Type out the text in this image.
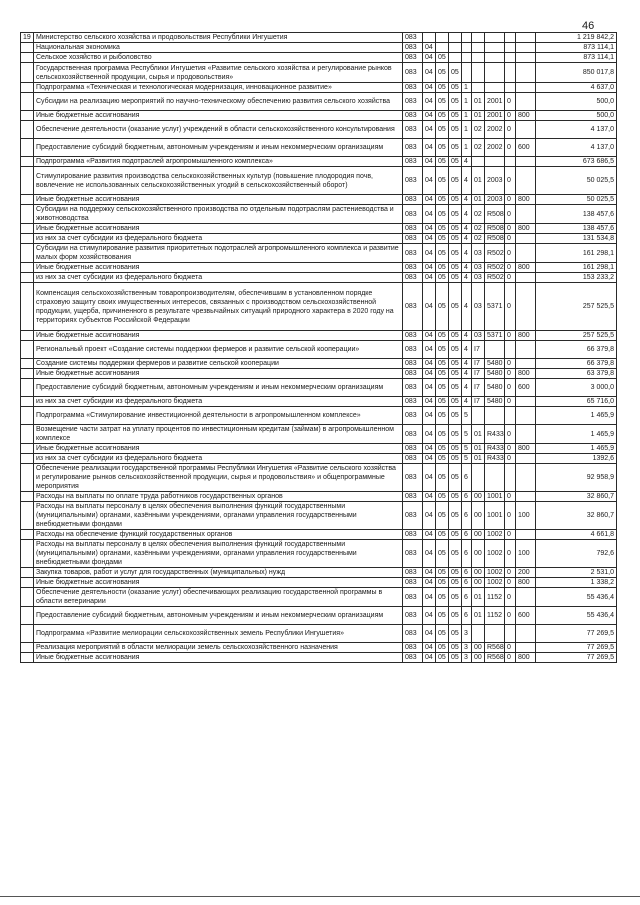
46
19	Министерство сельского хозяйства и продовольствия Республики Ингушетия	083									1 219 842,2
	Национальная экономика	083	04								873 114,1
	Сельское хозяйство и рыболовство	083	04	05							873 114,1
	Государственная программа Республики Ингушетия «Развитие сельского хозяйства и регулирование рынков сельскохозяйственной продукции, сырья и продовольствия»	083	04	05	05						850 017,8
	Подпрограмма «Техническая и технологическая модернизация, инновационное развитие»	083	04	05	05	1					4 637,0
	Субсидии на реализацию мероприятий по научно-техническому обеспечению развития сельского хозяйства	083	04	05	05	1	01	2001	0		500,0
	Иные бюджетные ассигнования	083	04	05	05	1	01	2001	0	800	500,0
	Обеспечение деятельности (оказание услуг) учреждений в области сельскохозяйственного консультирования	083	04	05	05	1	02	2002	0		4 137,0
	Предоставление субсидий бюджетным, автономным учреждениям и иным некоммерческим организациям	083	04	05	05	1	02	2002	0	600	4 137,0
	Подпрограмма «Развития подотраслей агропромышленного комплекса»	083	04	05	05	4					673 686,5
	Стимулирование развития производства сельскохозяйственных культур (повышение плодородия почв, вовлечение не использованных сельскохозяйственных угодий в сельскохозяйственный оборот)	083	04	05	05	4	01	2003	0		50 025,5
	Иные бюджетные ассигнования	083	04	05	05	4	01	2003	0	800	50 025,5
	Субсидии на поддержку сельскохозяйственного производства по отдельным подотраслям растениеводства и животноводства	083	04	05	05	4	02	R508	0		138 457,6
	Иные бюджетные ассигнования	083	04	05	05	4	02	R508	0	800	138 457,6
	из них за счет субсидии из федерального бюджета	083	04	05	05	4	02	R508	0		131 534,8
	Субсидии на стимулирование развития приоритетных подотраслей агропромышленного комплекса и развитие малых форм хозяйствования	083	04	05	05	4	03	R502	0		161 298,1
	Иные бюджетные ассигнования	083	04	05	05	4	03	R502	0	800	161 298,1
	из них за счет субсидии из федерального бюджета	083	04	05	05	4	03	R502	0		153 233,2
	Компенсация сельскохозяйственным товаропроизводителям, обеспечившим в установленном порядке страховую защиту своих имущественных интересов, связанных с производством сельскохозяйственной продукции, ущерба, причиненного в результате чрезвычайных ситуаций природного характера в 2020 году на территориях субъектов Российской Федерации	083	04	05	05	4	03	5371	0		257 525,5
	Иные бюджетные ассигнования	083	04	05	05	4	03	5371	0	800	257 525,5
	Региональный проект «Создание системы поддержки фермеров и развитие сельской кооперации»	083	04	05	05	4	I7				66 379,8
	Создание системы поддержки фермеров и развитие сельской кооперации	083	04	05	05	4	I7	5480	0		66 379,8
	Иные бюджетные ассигнования	083	04	05	05	4	I7	5480	0	800	63 379,8
	Предоставление субсидий бюджетным, автономным учреждениям и иным некоммерческим организациям	083	04	05	05	4	I7	5480	0	600	3 000,0
	из них за счет субсидии из федерального бюджета	083	04	05	05	4	I7	5480	0		65 716,0
	Подпрограмма «Стимулирование инвестиционной деятельности в агропромышленном комплексе»	083	04	05	05	5					1 465,9
	Возмещение части затрат на уплату процентов по инвестиционным кредитам (займам) в агропромышленном комплексе	083	04	05	05	5	01	R433	0		1 465,9
	Иные бюджетные ассигнования	083	04	05	05	5	01	R433	0	800	1 465,9
	из них за счет субсидии из федерального бюджета	083	04	05	05	5	01	R433	0		1392,6
	Обеспечение реализации государственной программы Республики Ингушетия «Развитие сельского хозяйства и регулирование рынков сельскохозяйственной продукции, сырья и продовольствия» и общепрограммные мероприятия	083	04	05	05	6					92 958,9
	Расходы на выплаты по оплате труда работников государственных органов	083	04	05	05	6	00	1001	0		32 860,7
	Расходы на выплаты персоналу в целях обеспечения выполнения функций государственными (муниципальными) органами, казёнными учреждениями, органами управления государственными внебюджетными фондами	083	04	05	05	6	00	1001	0	100	32 860,7
	Расходы на обеспечение функций государственных органов	083	04	05	05	6	00	1002	0		4 661,8
	Расходы на выплаты персоналу в целях обеспечения выполнения функций государственными (муниципальными) органами, казёнными учреждениями, органами управления государственными внебюджетными фондами	083	04	05	05	6	00	1002	0	100	792,6
	Закупка товаров, работ и услуг для государственных (муниципальных) нужд	083	04	05	05	6	00	1002	0	200	2 531,0
	Иные бюджетные ассигнования	083	04	05	05	6	00	1002	0	800	1 338,2
	Обеспечение деятельности (оказание услуг) обеспечивающих реализацию государственной программы в области ветеринарии	083	04	05	05	6	01	1152	0		55 436,4
	Предоставление субсидий бюджетным, автономным учреждениям и иным некоммерческим организациям	083	04	05	05	6	01	1152	0	600	55 436,4
	Подпрограмма «Развитие мелиорации сельскохозяйственных земель Республики Ингушетия»	083	04	05	05	3					77 269,5
	Реализация мероприятий в области мелиорации земель сельскохозяйственного назначения	083	04	05	05	3	00	R568	0		77 269,5
	Иные бюджетные ассигнования	083	04	05	05	3	00	R568	0	800	77 269,5
